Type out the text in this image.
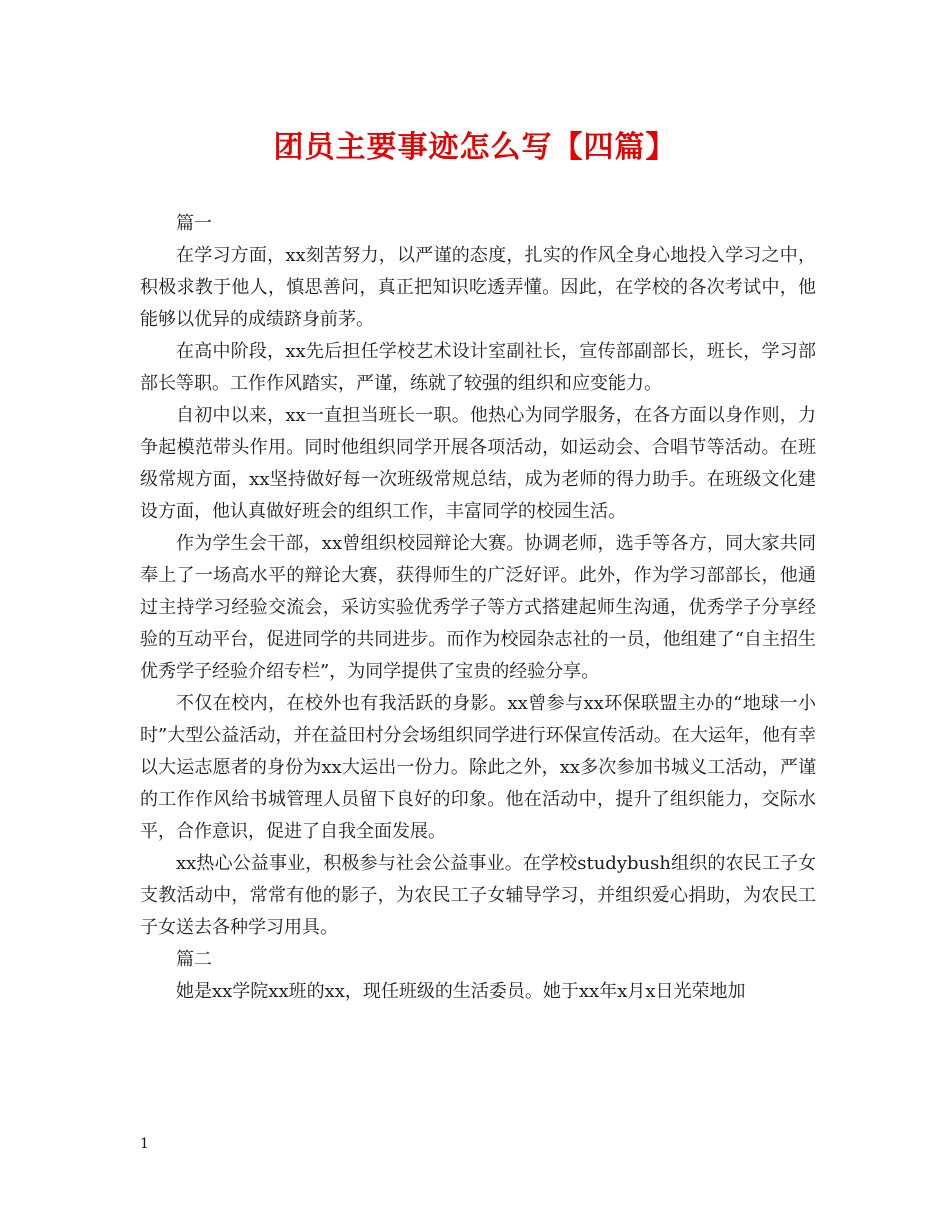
团员主要事迹怎么写【四篇】

篇一

在学习方面，xx刻苦努力，以严谨的态度，扎实的作风全身心地投入学习之中，积极求教于他人，慎思善问，真正把知识吃透弄懂。因此，在学校的各次考试中，他能够以优异的成绩跻身前茅。

在高中阶段，xx先后担任学校艺术设计室副社长，宣传部副部长，班长，学习部部长等职。工作作风踏实，严谨，练就了较强的组织和应变能力。

自初中以来，xx一直担当班长一职。他热心为同学服务，在各方面以身作则，力争起模范带头作用。同时他组织同学开展各项活动，如运动会、合唱节等活动。在班级常规方面，xx坚持做好每一次班级常规总结，成为老师的得力助手。在班级文化建设方面，他认真做好班会的组织工作，丰富同学的校园生活。

作为学生会干部，xx曾组织校园辩论大赛。协调老师，选手等各方，同大家共同奉上了一场高水平的辩论大赛，获得师生的广泛好评。此外，作为学习部部长，他通过主持学习经验交流会，采访实验优秀学子等方式搭建起师生沟通，优秀学子分享经验的互动平台，促进同学的共同进步。而作为校园杂志社的一员，他组建了“自主招生优秀学子经验介绍专栏”，为同学提供了宝贵的经验分享。

不仅在校内，在校外也有我活跃的身影。xx曾参与xx环保联盟主办的“地球一小时”大型公益活动，并在益田村分会场组织同学进行环保宣传活动。在大运年，他有幸以大运志愿者的身份为xx大运出一份力。除此之外，xx多次参加书城义工活动，严谨的工作作风给书城管理人员留下良好的印象。他在活动中，提升了组织能力，交际水平，合作意识，促进了自我全面发展。

xx热心公益事业，积极参与社会公益事业。在学校studybush组织的农民工子女支教活动中，常常有他的影子，为农民工子女辅导学习，并组织爱心捐助，为农民工子女送去各种学习用具。

篇二

她是xx学院xx班的xx，现任班级的生活委员。她于xx年x月x日光荣地加

1
